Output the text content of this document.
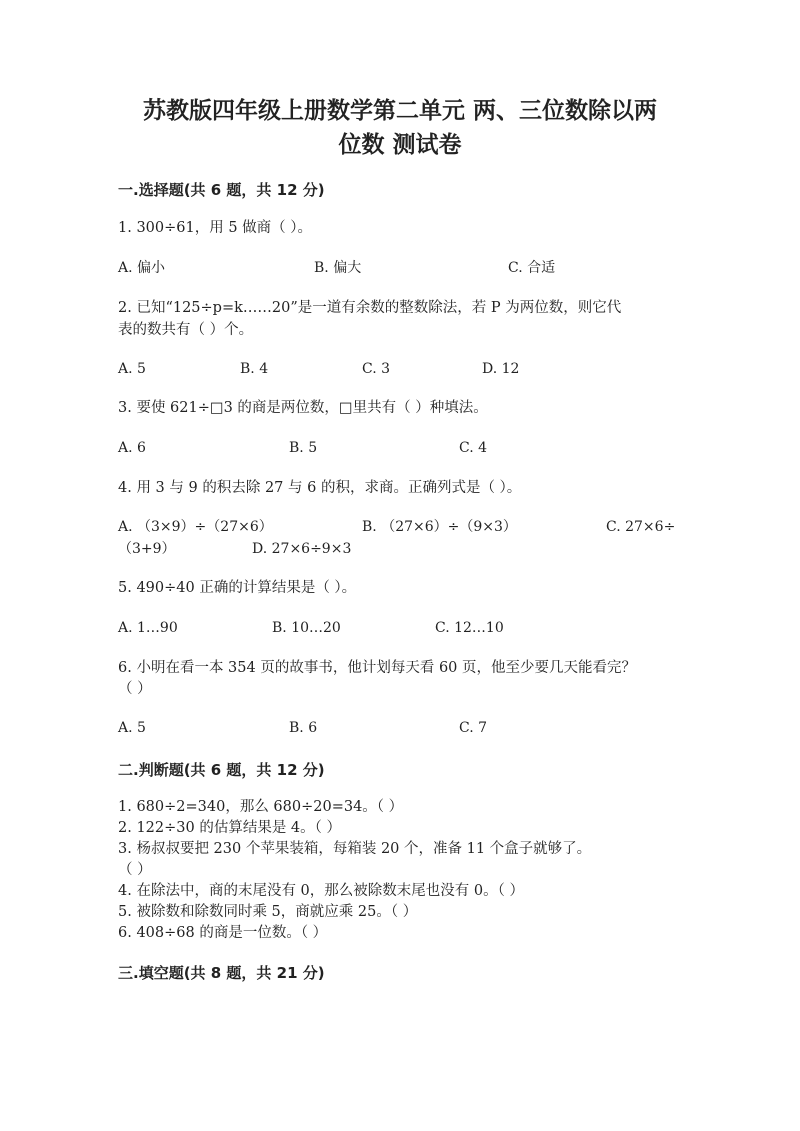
苏教版四年级上册数学第二单元 两、三位数除以两
位数 测试卷
一.选择题(共 6 题，共 12 分)
1. 300÷61，用 5 做商（ ）。
A. 偏小	B. 偏大	C. 合适
2. 已知“125÷p=k……20”是一道有余数的整数除法，若 P 为两位数，则它代
表的数共有（ ）个。
A. 5	B. 4	C. 3	D. 12
3. 要使 621÷□3 的商是两位数，□里共有（ ）种填法。
A. 6	B. 5	C. 4
4. 用 3 与 9 的积去除 27 与 6 的积，求商。正确列式是（ ）。
A. （3×9）÷（27×6）	B. （27×6）÷（9×3）	C. 27×6÷
（3+9）	D. 27×6÷9×3
5. 490÷40 正确的计算结果是（ ）。
A. 1…90	B. 10…20	C. 12…10
6. 小明在看一本 354 页的故事书，他计划每天看 60 页，他至少要几天能看完？
（ ）
A. 5	B. 6	C. 7
二.判断题(共 6 题，共 12 分)
1. 680÷2=340，那么 680÷20=34。（ ）
2. 122÷30 的估算结果是 4。（ ）
3. 杨叔叔要把 230 个苹果装箱，每箱装 20 个，准备 11 个盒子就够了。
（ ）
4. 在除法中，商的末尾没有 0，那么被除数末尾也没有 0。（ ）
5. 被除数和除数同时乘 5，商就应乘 25。（ ）
6. 408÷68 的商是一位数。（ ）
三.填空题(共 8 题，共 21 分)
